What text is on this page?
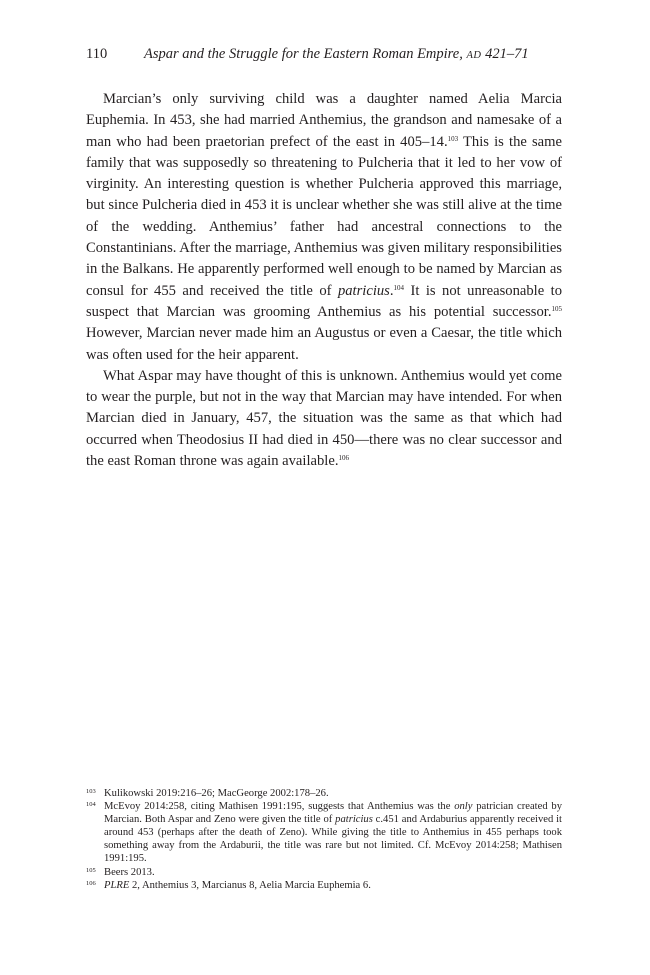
110	Aspar and the Struggle for the Eastern Roman Empire, AD 421–71

Marcian’s only surviving child was a daughter named Aelia Marcia Euphemia. In 453, she had married Anthemius, the grandson and namesake of a man who had been praetorian prefect of the east in 405–14.$^{103}$ This is the same family that was supposedly so threatening to Pulcheria that it led to her vow of virginity. An interesting question is whether Pulcheria approved this marriage, but since Pulcheria died in 453 it is unclear whether she was still alive at the time of the wedding. Anthemius’ father had ancestral connections to the Constantinians. After the marriage, Anthemius was given military responsibilities in the Balkans. He apparently performed well enough to be named by Marcian as consul for 455 and received the title of patricius.$^{104}$ It is not unreasonable to suspect that Marcian was grooming Anthemius as his potential successor.$^{105}$ However, Marcian never made him an Augustus or even a Caesar, the title which was often used for the heir apparent.

What Aspar may have thought of this is unknown. Anthemius would yet come to wear the purple, but not in the way that Marcian may have intended. For when Marcian died in January, 457, the situation was the same as that which had occurred when Theodosius II had died in 450—there was no clear successor and the east Roman throne was again available.$^{106}$

103 Kulikowski 2019:216–26; MacGeorge 2002:178–26.
104 McEvoy 2014:258, citing Mathisen 1991:195, suggests that Anthemius was the only patrician created by Marcian. Both Aspar and Zeno were given the title of patricius c.451 and Ardaburius apparently received it around 453 (perhaps after the death of Zeno). While giving the title to Anthemius in 455 perhaps took something away from the Ardaburii, the title was rare but not limited. Cf. McEvoy 2014:258; Mathisen 1991:195.
105 Beers 2013.
106 PLRE 2, Anthemius 3, Marcianus 8, Aelia Marcia Euphemia 6.
